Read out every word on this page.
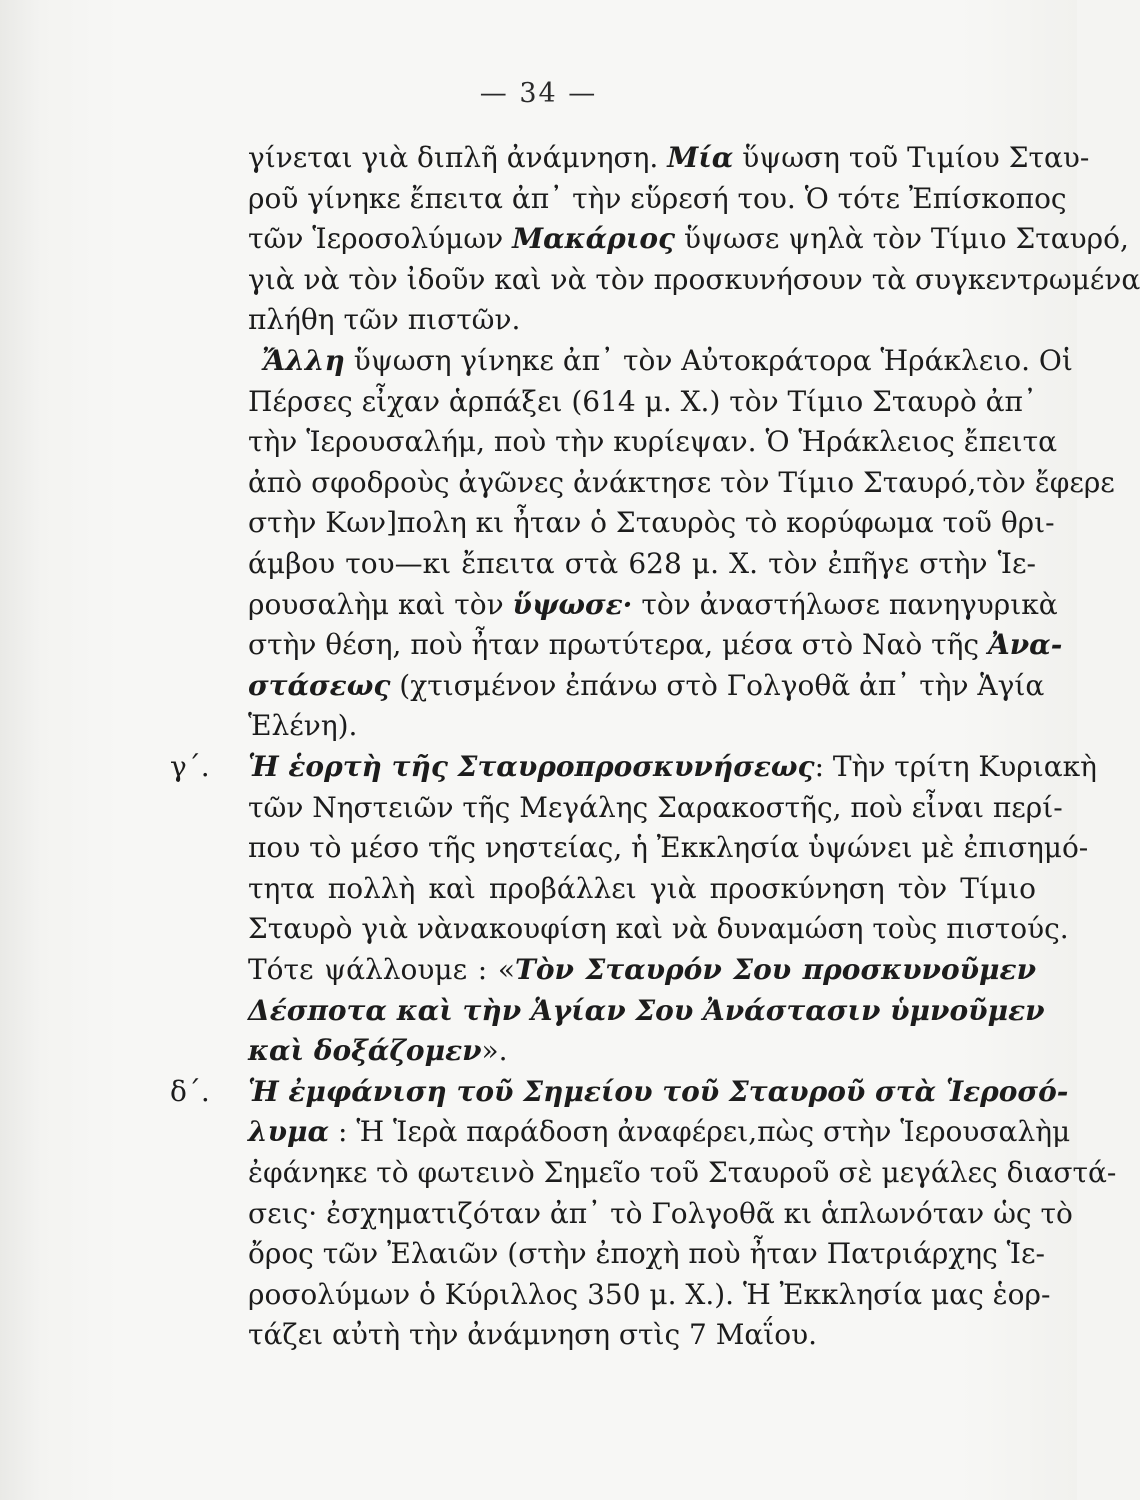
— 34 —
γίνεται γιὰ διπλῆ ἀνάμνηση. Μία ὕψωση τοῦ Τιμίου Σταυ-
ροῦ γίνηκε ἔπειτα ἀπ᾿ τὴν εὕρεσή του. Ὁ τότε Ἐπίσκοπος
τῶν Ἱεροσολύμων Μακάριος ὕψωσε ψηλὰ τὸν Τίμιο Σταυρό,
γιὰ νὰ τὸν ἰδοῦν καὶ νὰ τὸν προσκυνήσουν τὰ συγκεντρωμένα
πλήθη τῶν πιστῶν.
Ἄλλη ὕψωση γίνηκε ἀπ᾿ τὸν Αὐτοκράτορα Ἡράκλειο. Οἱ
Πέρσες εἶχαν ἁρπάξει (614 μ. Χ.) τὸν Τίμιο Σταυρὸ ἀπ᾿
τὴν Ἱερουσαλήμ, ποὺ τὴν κυρίεψαν. Ὁ Ἡράκλειος ἔπειτα
ἀπὸ σφοδροὺς ἀγῶνες ἀνάκτησε τὸν Τίμιο Σταυρό,τὸν ἔφερε
στὴν Κων]πολη κι ἦταν ὁ Σταυρὸς τὸ κορύφωμα τοῦ θρι-
άμβου του—κι ἔπειτα στὰ 628 μ. Χ. τὸν ἐπῆγε στὴν Ἱε-
ρουσαλὴμ καὶ τὸν ὕψωσε· τὸν ἀναστήλωσε πανηγυρικὰ
στὴν θέση, ποὺ ἦταν πρωτύτερα, μέσα στὸ Ναὸ τῆς Ἀνα-
στάσεως (χτισμένον ἐπάνω στὸ Γολγοθᾶ ἀπ᾿ τὴν Ἁγία
Ἑλένη).
γ΄. Ἡ ἑορτὴ τῆς Σταυροπροσκυνήσεως: Τὴν τρίτη Κυριακὴ
τῶν Νηστειῶν τῆς Μεγάλης Σαρακοστῆς, ποὺ εἶναι περί-
που τὸ μέσο τῆς νηστείας, ἡ Ἐκκλησία ὑψώνει μὲ ἐπισημό-
τητα πολλὴ καὶ προβάλλει γιὰ προσκύνηση τὸν Τίμιο
Σταυρὸ γιὰ νὰνακουφίση καὶ νὰ δυναμώση τοὺς πιστούς.
Τότε ψάλλουμε : «Τὸν Σταυρόν Σου προσκυνοῦμεν
Δέσποτα καὶ τὴν Ἁγίαν Σου Ἀνάστασιν ὑμνοῦμεν
καὶ δοξάζομεν».
δ΄. Ἡ ἐμφάνιση τοῦ Σημείου τοῦ Σταυροῦ στὰ Ἱεροσό-
λυμα : Ἡ Ἱερὰ παράδοση ἀναφέρει,πὼς στὴν Ἱερουσαλὴμ
ἐφάνηκε τὸ φωτεινὸ Σημεῖο τοῦ Σταυροῦ σὲ μεγάλες διαστά-
σεις· ἐσχηματιζόταν ἀπ᾿ τὸ Γολγοθᾶ κι ἁπλωνόταν ὡς τὸ
ὄρος τῶν Ἐλαιῶν (στὴν ἐποχὴ ποὺ ἦταν Πατριάρχης Ἱε-
ροσολύμων ὁ Κύριλλος 350 μ. Χ.). Ἡ Ἐκκλησία μας ἑορ-
τάζει αὐτὴ τὴν ἀνάμνηση στὶς 7 Μαΐου.
